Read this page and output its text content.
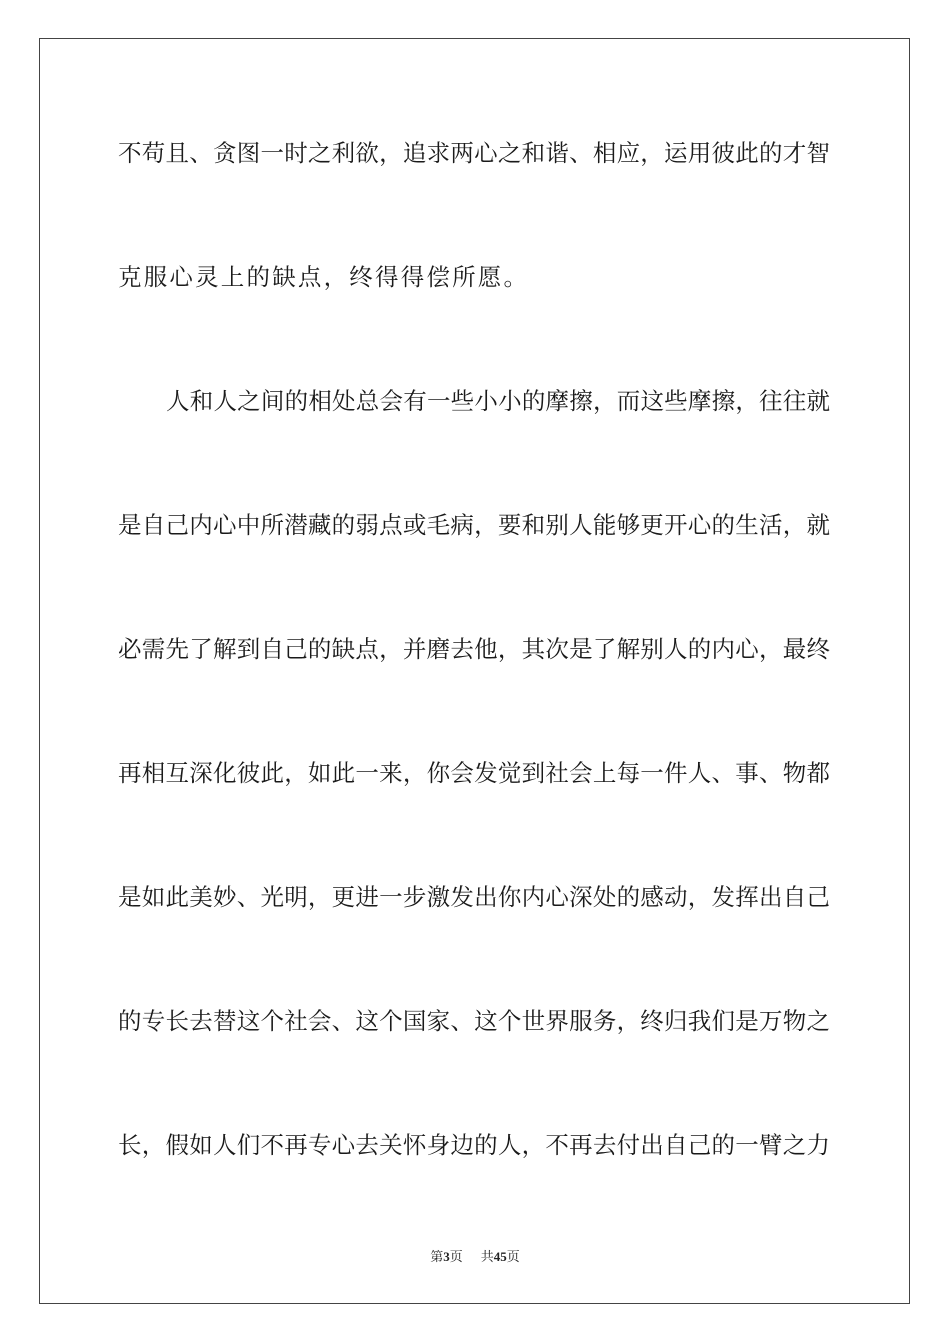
不苟且、贪图一时之利欲，追求两心之和谐、相应，运用彼此的才智
克服心灵上的缺点，终得得偿所愿。
人和人之间的相处总会有一些小小的摩擦，而这些摩擦，往往就
是自己内心中所潜藏的弱点或毛病，要和别人能够更开心的生活，就
必需先了解到自己的缺点，并磨去他，其次是了解别人的内心，最终
再相互深化彼此，如此一来，你会发觉到社会上每一件人、事、物都
是如此美妙、光明，更进一步激发出你内心深处的感动，发挥出自己
的专长去替这个社会、这个国家、这个世界服务，终归我们是万物之
长，假如人们不再专心去关怀身边的人，不再去付出自己的一臂之力
第3页 共45页
